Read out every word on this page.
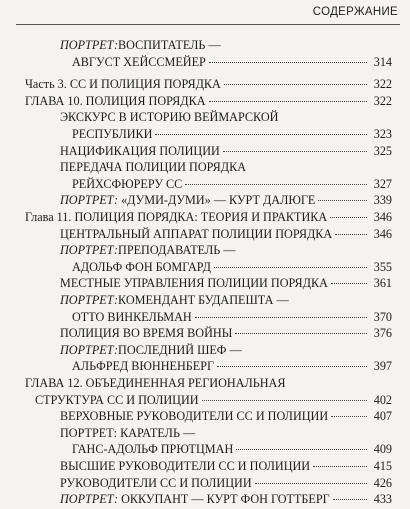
СОДЕРЖАНИЕ
ПОРТРЕТ: ВОСПИТАТЕЛЬ —
АВГУСТ ХЕЙССМЕЙЕР	314
Часть 3. СС И ПОЛИЦИЯ ПОРЯДКА	322
ГЛАВА 10. ПОЛИЦИЯ ПОРЯДКА	322
ЭКСКУРС В ИСТОРИЮ ВЕЙМАРСКОЙ
РЕСПУБЛИКИ	323
НАЦИФИКАЦИЯ ПОЛИЦИИ	325
ПЕРЕДАЧА ПОЛИЦИИ ПОРЯДКА
РЕЙХСФЮРЕРУ СС	327
ПОРТРЕТ: «ДУМИ-ДУМИ» — КУРТ ДАЛЮГЕ	339
Глава 11. ПОЛИЦИЯ ПОРЯДКА: ТЕОРИЯ И ПРАКТИКА	346
ЦЕНТРАЛЬНЫЙ АППАРАТ ПОЛИЦИИ ПОРЯДКА	346
ПОРТРЕТ: ПРЕПОДАВАТЕЛЬ —
АДОЛЬФ ФОН БОМГАРД	355
МЕСТНЫЕ УПРАВЛЕНИЯ ПОЛИЦИИ ПОРЯДКА	361
ПОРТРЕТ: КОМЕНДАНТ БУДАПЕШТА —
ОТТО ВИНКЕЛЬМАН	370
ПОЛИЦИЯ ВО ВРЕМЯ ВОЙНЫ	376
ПОРТРЕТ: ПОСЛЕДНИЙ ШЕФ —
АЛЬФРЕД ВЮННЕНБЕРГ	397
ГЛАВА 12. ОБЪЕДИНЕННАЯ РЕГИОНАЛЬНАЯ
СТРУКТУРА СС И ПОЛИЦИИ	402
ВЕРХОВНЫЕ РУКОВОДИТЕЛИ СС И ПОЛИЦИИ	407
ПОРТРЕТ: КАРАТЕЛЬ —
ГАНС-АДОЛЬФ ПРЮТЦМАН	409
ВЫСШИЕ РУКОВОДИТЕЛИ СС И ПОЛИЦИИ	415
РУКОВОДИТЕЛИ СС И ПОЛИЦИИ	426
ПОРТРЕТ: ОККУПАНТ — КУРТ ФОН ГОТТБЕРГ	433
